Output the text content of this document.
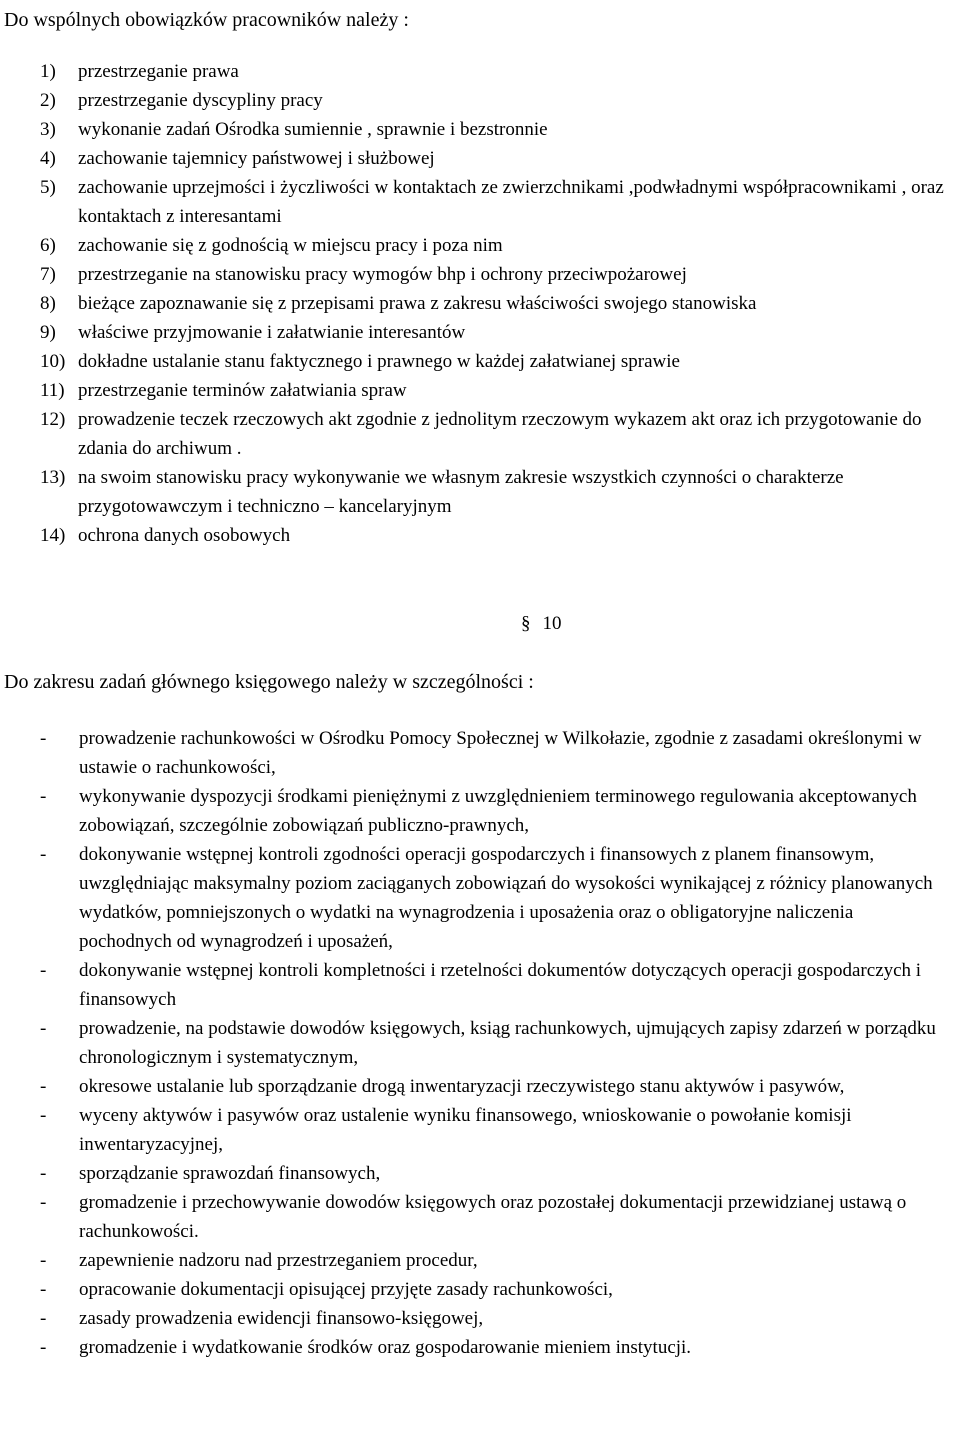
Do wspólnych obowiązków pracowników należy :
1) przestrzeganie prawa
2) przestrzeganie dyscypliny pracy
3) wykonanie zadań Ośrodka sumiennie , sprawnie i bezstronnie
4) zachowanie tajemnicy państwowej i służbowej
5) zachowanie uprzejmości i życzliwości w kontaktach ze zwierzchnikami ,podwładnymi współpracownikami , oraz kontaktach z interesantami
6) zachowanie się z godnością w miejscu pracy i poza nim
7) przestrzeganie na stanowisku pracy wymogów bhp i ochrony przeciwpożarowej
8) bieżące zapoznawanie się z przepisami prawa z zakresu właściwości swojego stanowiska
9) właściwe przyjmowanie i załatwianie interesantów
10) dokładne ustalanie stanu faktycznego i prawnego w każdej załatwianej sprawie
11) przestrzeganie terminów załatwiania spraw
12) prowadzenie teczek rzeczowych akt zgodnie z jednolitym rzeczowym wykazem akt oraz ich przygotowanie do zdania do archiwum .
13) na swoim stanowisku pracy wykonywanie we własnym zakresie wszystkich czynności o charakterze przygotowawczym i techniczno – kancelaryjnym
14) ochrona danych osobowych
§ 10
Do zakresu zadań głównego księgowego należy w szczególności :
- prowadzenie rachunkowości w Ośrodku Pomocy Społecznej w Wilkołazie, zgodnie z zasadami określonymi w ustawie o rachunkowości,
- wykonywanie dyspozycji środkami pieniężnymi z uwzględnieniem terminowego regulowania akceptowanych zobowiązań, szczególnie zobowiązań publiczno-prawnych,
- dokonywanie wstępnej kontroli zgodności operacji gospodarczych i finansowych z planem finansowym, uwzględniając maksymalny poziom zaciąganych zobowiązań do wysokości wynikającej z różnicy planowanych wydatków, pomniejszonych o wydatki na wynagrodzenia i uposażenia oraz o obligatoryjne naliczenia pochodnych od wynagrodzeń i uposażeń,
- dokonywanie wstępnej kontroli kompletności i rzetelności dokumentów dotyczących operacji gospodarczych i finansowych
- prowadzenie, na podstawie dowodów księgowych, ksiąg rachunkowych, ujmujących zapisy zdarzeń w porządku chronologicznym i systematycznym,
- okresowe ustalanie lub sporządzanie drogą inwentaryzacji rzeczywistego stanu aktywów i pasywów,
- wyceny aktywów i pasywów oraz ustalenie wyniku finansowego, wnioskowanie o powołanie komisji inwentaryzacyjnej,
- sporządzanie sprawozdań finansowych,
- gromadzenie i przechowywanie dowodów księgowych oraz pozostałej dokumentacji przewidzianej ustawą o rachunkowości.
- zapewnienie nadzoru nad przestrzeganiem procedur,
- opracowanie dokumentacji opisującej przyjęte zasady rachunkowości,
- zasady prowadzenia ewidencji finansowo-księgowej,
- gromadzenie i wydatkowanie środków oraz gospodarowanie mieniem instytucji.
